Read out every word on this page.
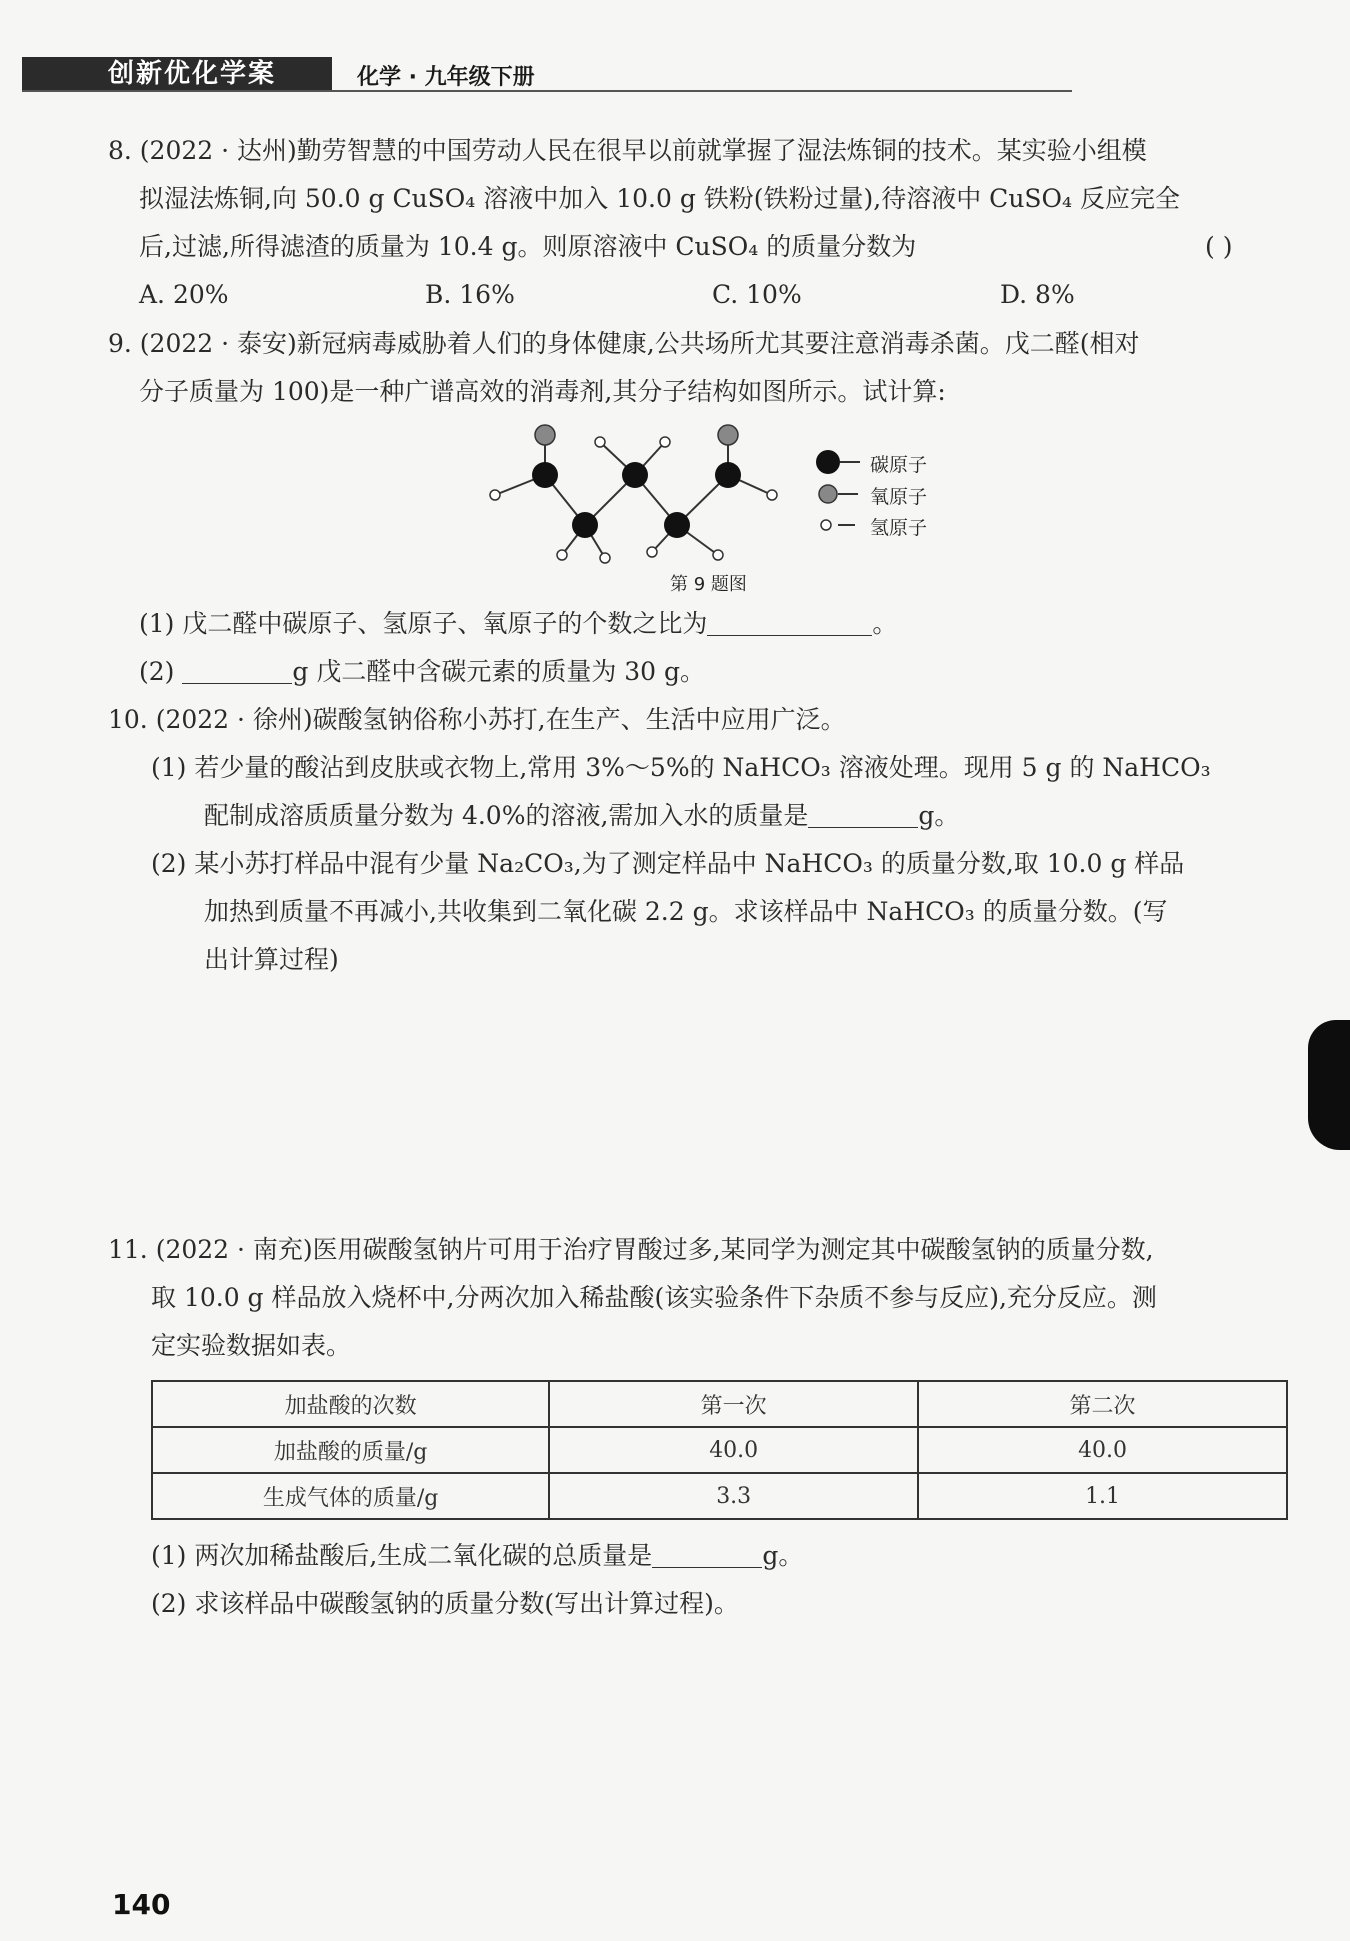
创新优化学案	化学 · 九年级下册
8. (2022 · 达州)勤劳智慧的中国劳动人民在很早以前就掌握了湿法炼铜的技术。某实验小组模
拟湿法炼铜,向 50.0 g CuSO₄ 溶液中加入 10.0 g 铁粉(铁粉过量),待溶液中 CuSO₄ 反应完全
后,过滤,所得滤渣的质量为 10.4 g。则原溶液中 CuSO₄ 的质量分数为	( )
A. 20%	B. 16%	C. 10%	D. 8%
9. (2022 · 泰安)新冠病毒威胁着人们的身体健康,公共场所尤其要注意消毒杀菌。戊二醛(相对
分子质量为 100)是一种广谱高效的消毒剂,其分子结构如图所示。试计算:
碳原子
氧原子
氢原子
第 9 题图
(1) 戊二醛中碳原子、氢原子、氧原子的个数之比为	。
(2)	g 戊二醛中含碳元素的质量为 30 g。
10. (2022 · 徐州)碳酸氢钠俗称小苏打,在生产、生活中应用广泛。
(1) 若少量的酸沾到皮肤或衣物上,常用 3%～5%的 NaHCO₃ 溶液处理。现用 5 g 的 NaHCO₃
配制成溶质质量分数为 4.0%的溶液,需加入水的质量是	g。
(2) 某小苏打样品中混有少量 Na₂CO₃,为了测定样品中 NaHCO₃ 的质量分数,取 10.0 g 样品
加热到质量不再减小,共收集到二氧化碳 2.2 g。求该样品中 NaHCO₃ 的质量分数。(写
出计算过程)
11. (2022 · 南充)医用碳酸氢钠片可用于治疗胃酸过多,某同学为测定其中碳酸氢钠的质量分数,
取 10.0 g 样品放入烧杯中,分两次加入稀盐酸(该实验条件下杂质不参与反应),充分反应。测
定实验数据如表。
加盐酸的次数	第一次	第二次
加盐酸的质量/g	40.0	40.0
生成气体的质量/g	3.3	1.1
(1) 两次加稀盐酸后,生成二氧化碳的总质量是	g。
(2) 求该样品中碳酸氢钠的质量分数(写出计算过程)。
140
